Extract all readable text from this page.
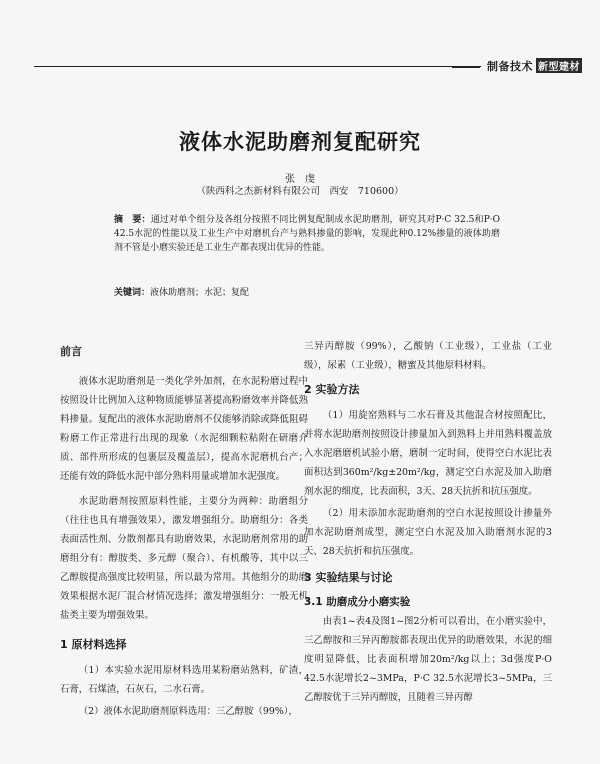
制备技术 新型建材
液体水泥助磨剂复配研究
张　虔
（陕西科之杰新材料有限公司　西安　710600）
摘　要：通过对单个组分及各组分按照不同比例复配制成水泥助磨剂，研究其对P·C 32.5和P·O 42.5水泥的性能以及工业生产中对磨机台产与熟料掺量的影响，发现此种0.12%掺量的液体助磨剂不管是小磨实验还是工业生产都表现出优异的性能。
关键词：液体助磨剂；水泥；复配
前言

液体水泥助磨剂是一类化学外加剂，在水泥粉磨过程中按照设计比例加入这种物质能够显著提高粉磨效率并降低熟料掺量。复配出的液体水泥助磨剂不仅能够消除或降低阻碍粉磨工作正常进行出现的现象（水泥细颗粒粘附在研磨介质、部件所形成的包裹层及覆盖层），提高水泥磨机台产；还能有效的降低水泥中部分熟料用量或增加水泥强度。

水泥助磨剂按照原料性能，主要分为两种：助磨组分（往往也具有增强效果），激发增强组分。助磨组分：各类表面活性剂、分散剂都具有助磨效果，水泥助磨剂常用的助磨组分有：醇胺类、多元醇（聚合）、有机酸等，其中以三乙醇胺提高强度比较明显，所以最为常用。其他组分的助磨效果根据水泥厂混合材情况选择；激发增强组分：一般无机盐类主要为增强效果。

1 原材料选择

（1）本实验水泥用原材料选用某粉磨站熟料，矿渣，石膏，石煤渣，石灰石，二水石膏。

（2）液体水泥助磨剂原料选用：三乙醇胺（99%），

三异丙醇胺（99%），乙酸钠（工业级），工业盐（工业级），尿素（工业级），糖蜜及其他原料材料。

2 实验方法

（1）用旋窑熟料与二水石膏及其他混合材按照配比，并将水泥助磨剂按照设计掺量加入到熟料上并用熟料覆盖放入水泥磨磨机试验小磨，磨制一定时间，使得空白水泥比表面积达到360m²/kg±20m²/kg，测定空白水泥及加入助磨剂水泥的细度，比表面积，3天、28天抗折和抗压强度。

（2）用未添加水泥助磨剂的空白水泥按照设计掺量外加水泥助磨剂成型，测定空白水泥及加入助磨剂水泥的3天、28天抗折和抗压强度。

3 实验结果与讨论
3.1 助磨成分小磨实验

由表1~表4及图1~图2分析可以看出，在小磨实验中，三乙醇胺和三异丙醇胺都表现出优异的助磨效果，水泥的细度明显降低，比表面积增加20m²/kg以上；3d强度P·O 42.5水泥增长2~3MPa，P·C 32.5水泥增长3~5MPa，三乙醇胺优于三异丙醇胺，且随着三异丙醇
